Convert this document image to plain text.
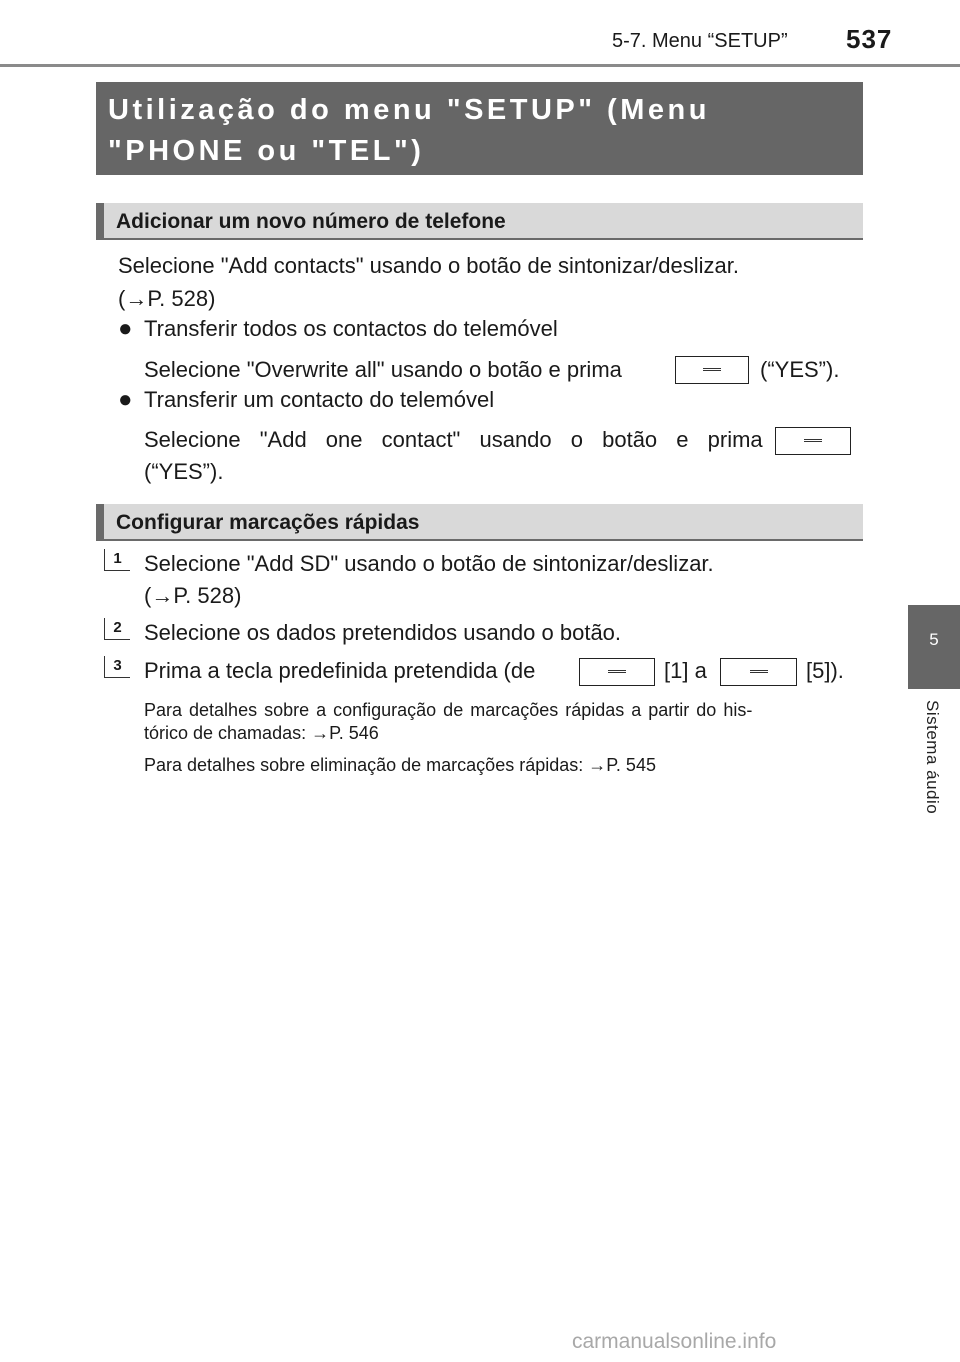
5-7. Menu “SETUP” 537
Utilização do menu "SETUP" (Menu
"PHONE ou "TEL")
Adicionar um novo número de telefone
Selecione "Add contacts" usando o botão de sintonizar/deslizar.
(→P. 528)
● Transferir todos os contactos do telemóvel
Selecione "Overwrite all" usando o botão e prima	(“YES”).
● Transferir um contacto do telemóvel
Selecione "Add one contact" usando o botão e prima
(“YES”).
Configurar marcações rápidas
1	Selecione "Add SD" usando o botão de sintonizar/deslizar.
(→P. 528)
2	Selecione os dados pretendidos usando o botão.
3	Prima a tecla predefinida pretendida (de	[1] a	[5]).
Para detalhes sobre a configuração de marcações rápidas a partir do his-
tórico de chamadas: →P. 546
Para detalhes sobre eliminação de marcações rápidas: →P. 545
5
Sistema áudio
carmanualsonline.info
